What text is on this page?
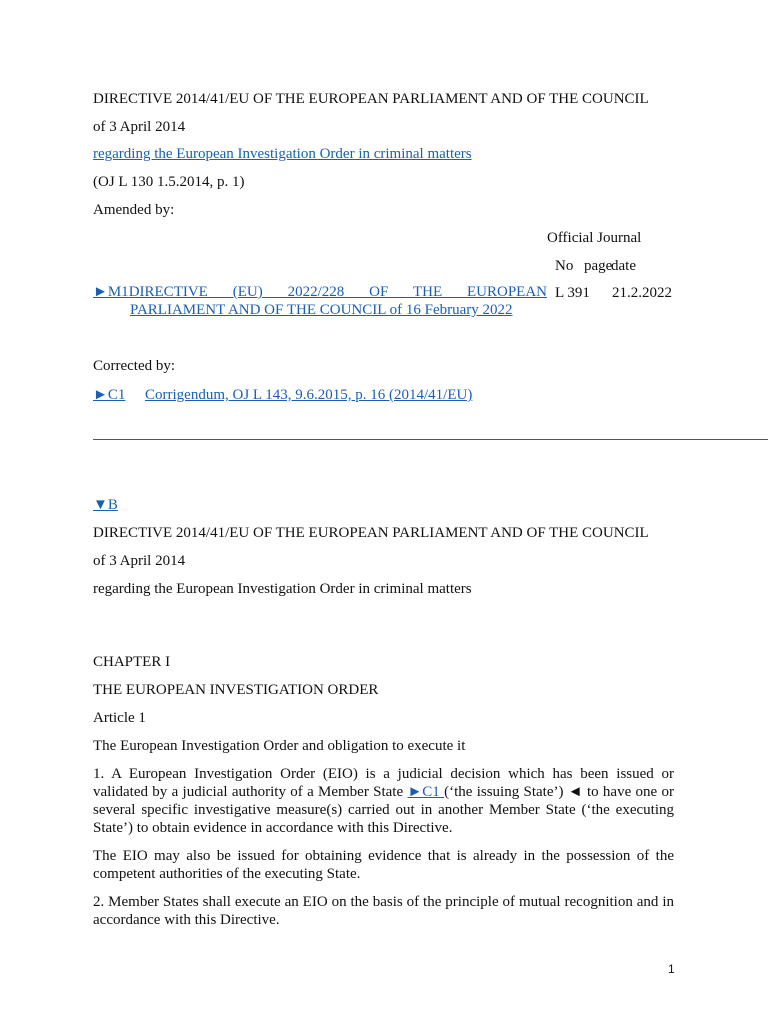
DIRECTIVE 2014/41/EU OF THE EUROPEAN PARLIAMENT AND OF THE COUNCIL
of 3 April 2014
regarding the European Investigation Order in criminal matters
(OJ L 130 1.5.2014, p. 1)
Amended by:
Official Journal
No page
date
►M1DIRECTIVE (EU) 2022/228 OF THE EUROPEAN
PARLIAMENT AND OF THE COUNCIL of 16 February 2022
L 391 21.2.2022
Corrected by:
►C1 Corrigendum, OJ L 143, 9.6.2015, p. 16 (2014/41/EU)
▼B
DIRECTIVE 2014/41/EU OF THE EUROPEAN PARLIAMENT AND OF THE COUNCIL
of 3 April 2014
regarding the European Investigation Order in criminal matters
CHAPTER I
THE EUROPEAN INVESTIGATION ORDER
Article 1
The European Investigation Order and obligation to execute it
1. A European Investigation Order (EIO) is a judicial decision which has been issued or validated by a judicial authority of a Member State ►C1 (‘the issuing State’) ◄ to have one or several specific investigative measure(s) carried out in another Member State (‘the executing State’) to obtain evidence in accordance with this Directive.
The EIO may also be issued for obtaining evidence that is already in the possession of the competent authorities of the executing State.
2. Member States shall execute an EIO on the basis of the principle of mutual recognition and in accordance with this Directive.
1
